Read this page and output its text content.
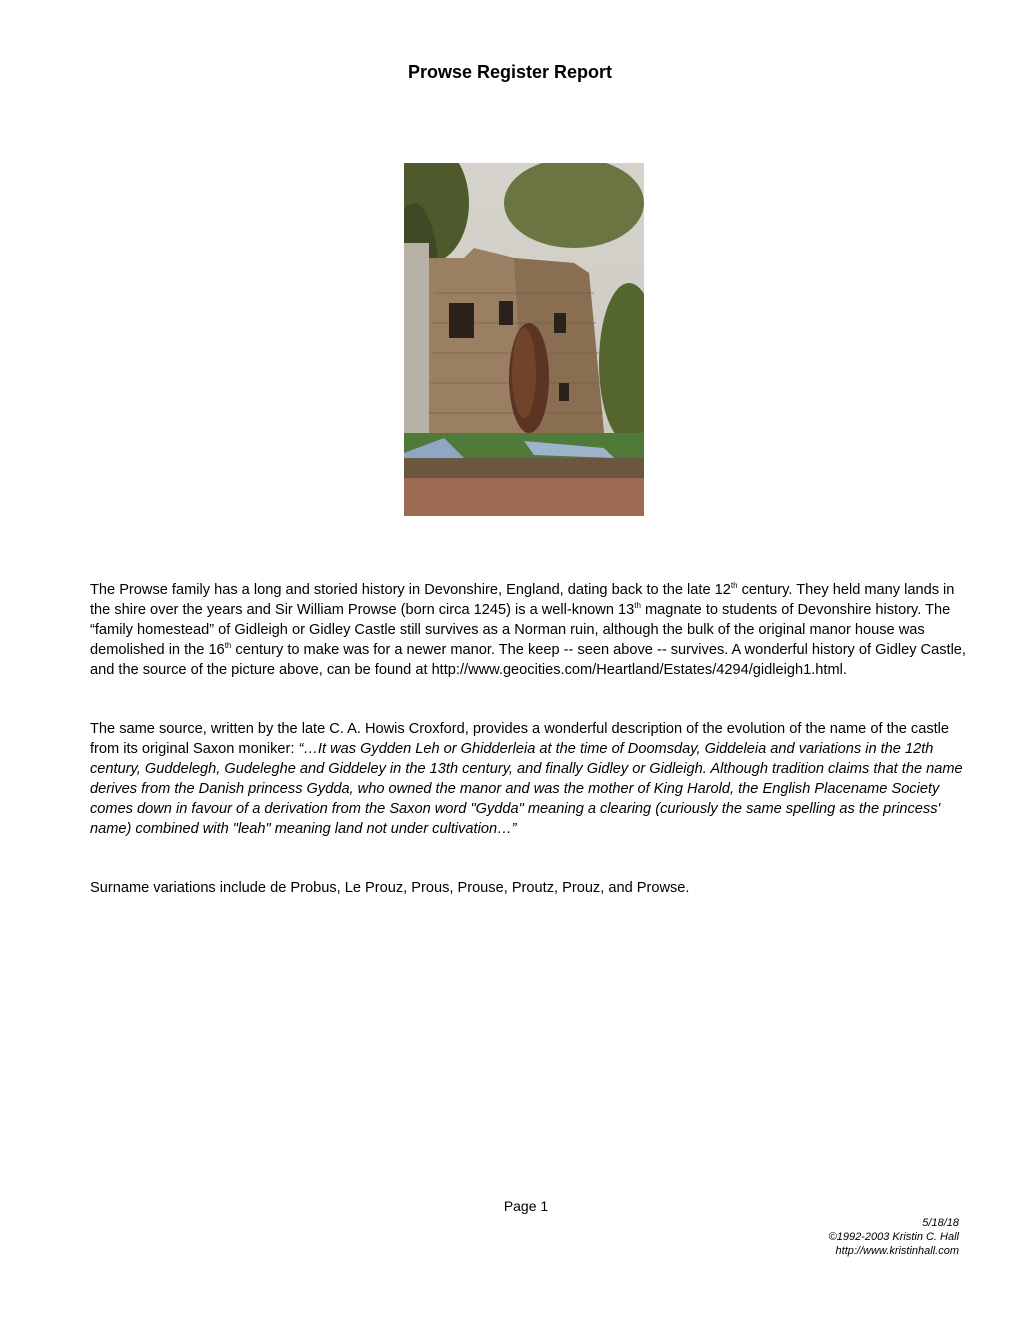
Prowse Register Report

The Prowse family has a long and storied history in Devonshire, England, dating back to the late 12th century. They held many lands in the shire over the years and Sir William Prowse (born circa 1245) is a well-known 13th magnate to students of Devonshire history. The “family homestead” of Gidleigh or Gidley Castle still survives as a Norman ruin, although the bulk of the original manor house was demolished in the 16th century to make was for a newer manor. The keep -- seen above -- survives. A wonderful history of Gidley Castle, and the source of the picture above, can be found at http://www.geocities.com/Heartland/Estates/4294/gidleigh1.html.

The same source, written by the late C. A. Howis Croxford, provides a wonderful description of the evolution of the name of the castle from its original Saxon moniker: “…It was Gydden Leh or Ghidderleia at the time of Doomsday, Giddeleia and variations in the 12th century, Guddelegh, Gudeleghe and Giddeley in the 13th century, and finally Gidley or Gidleigh. Although tradition claims that the name derives from the Danish princess Gydda, who owned the manor and was the mother of King Harold, the English Placename Society comes down in favour of a derivation from the Saxon word "Gydda" meaning a clearing (curiously the same spelling as the princess' name) combined with "leah" meaning land not under cultivation…”

Surname variations include de Probus, Le Prouz, Prous, Prouse, Proutz, Prouz, and Prowse.

Page 1
5/18/18
©1992-2003 Kristin C. Hall
http://www.kristinhall.com
